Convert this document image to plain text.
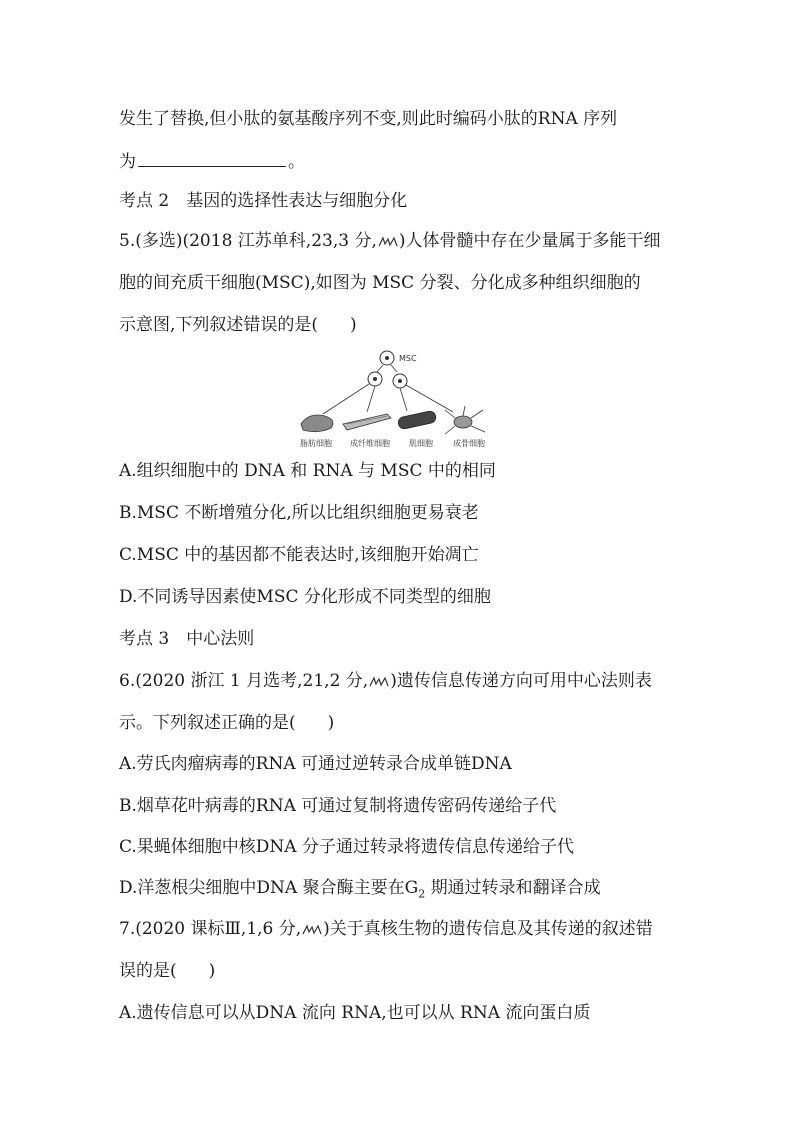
发生了替换,但小肽的氨基酸序列不变,则此时编码小肽的RNA 序列
为	。
考点 2　基因的选择性表达与细胞分化
5.(多选)(2018 江苏单科,23,3 分, )人体骨髓中存在少量属于多能干细
胞的间充质干细胞(MSC),如图为 MSC 分裂、分化成多种组织细胞的
示意图,下列叙述错误的是( )
MSC
脂肪细胞 成纤维细胞 肌细胞	成骨细胞
A.组织细胞中的 DNA 和 RNA 与 MSC 中的相同
B.MSC 不断增殖分化,所以比组织细胞更易衰老
C.MSC 中的基因都不能表达时,该细胞开始凋亡
D.不同诱导因素使MSC 分化形成不同类型的细胞
考点 3　中心法则
6.(2020 浙江 1 月选考,21,2 分, )遗传信息传递方向可用中心法则表
示。下列叙述正确的是( )
A.劳氏肉瘤病毒的RNA 可通过逆转录合成单链DNA
B.烟草花叶病毒的RNA 可通过复制将遗传密码传递给子代
C.果蝇体细胞中核DNA 分子通过转录将遗传信息传递给子代
D.洋葱根尖细胞中DNA 聚合酶主要在$G_2$ 期通过转录和翻译合成
7.(2020 课标Ⅲ,1,6 分, )关于真核生物的遗传信息及其传递的叙述错
误的是( )
A.遗传信息可以从DNA 流向 RNA,也可以从 RNA 流向蛋白质
